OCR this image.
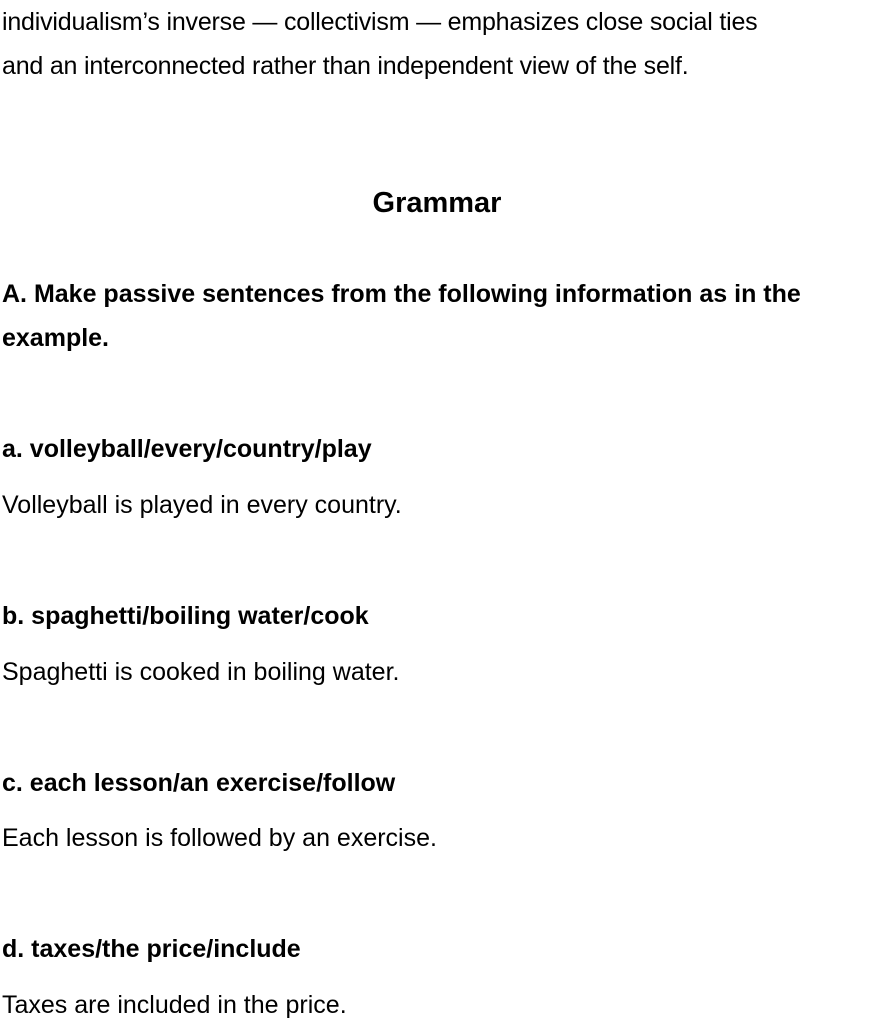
individualism’s inverse — collectivism — emphasizes close social ties

and an interconnected rather than independent view of the self.

Grammar

A. Make passive sentences from the following information as in the example.

a. volleyball/every/country/play

Volleyball is played in every country.

b. spaghetti/boiling water/cook

Spaghetti is cooked in boiling water.

c. each lesson/an exercise/follow

Each lesson is followed by an exercise.

d. taxes/the price/include

Taxes are included in the price.
